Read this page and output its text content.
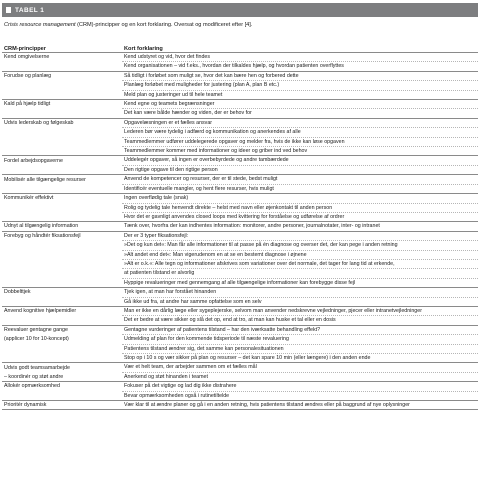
TABEL 1
Crisis resource management (CRM)-principper og en kort forklaring. Oversat og modificeret efter [4].
CRM-principper	Kort forklaring
Kend omgivelserne	Kend udstyret og vid, hvor det findes
	Kend organisationen – vid f.eks., hvordan der tilkaldes hjælp, og hvordan patienten overflyttes
Forudse og planlæg	Så tidligt i forløbet som muligt se, hvor det kan bære hen og forbered dette
	Planlæg forløbet med muligheder for justering (plan A, plan B etc.)
	Meld plan og justeringer ud til hele teamet
Kald på hjælp tidligt	Kend egne og teamets begrænsninger
	Det kan være bålde hænder og viden, der er behov for
Udvis lederskab og følgeskab	Opgavelæsningen er et fælles ansvar
	Lederen bør være tydelig i adfærd og kommunikation og anerkendes af alle
	Teammedlemmer udfører uddelegerede opgaver og melder fra, hvis de ikke kan løse opgaven
	Teammedlemmer kommer med informationer og ideer og griber ind ved behov
Fordel arbejdsopgaverne	Uddelegér opgaver, så ingen er overbebyrdede og andre tambærdede
	Den rigtige opgave til den rigtige person
Mobilisér alle tilgængelige resurser	Anvend de kompetencer og resurser, der er til stede, bedst muligt
	Identificér eventuelle mangler, og hent flere resurser, hvis muligt
Kommunikér effektivt	Ingen overflødig tale (snak)
	Rolig og tydelig tale henvendt direkte – helst med navn eller øjenkontakt til anden person
	Hvor det er gavnligt anvendes closed loops med kvittering for forståelse og udførelse af ordrer
Udnyt al tilgængelig information	Tænk over, hvorfra der kan indhentes information: monitorer, andre personer, journalnotater, inter- og intranet
Forebyg og håndtér fiksationsfejl	Der er 3 typer fiksationsfejl:
	»Det og kun det«: Man får alle informationer til at passe på én diagnose og overser det, der kan pege i anden retning
	»Alt andet end det«: Man vigerudenom en at se en bestemt diagnose i øjnene
	»Alt er o.k.«: Alle tegn og informationer afskrives som variationer over det normale, det tager for lang tid at erkende,
	at patienten tilstand er alvorlig
	Hyppige revalueringer med gennemgang af alle tilgængelige informationer kan forebygge disse fejl
Dobbelttjek	Tjek igen, at man har forstået hinanden
	Gå ikke ud fra, at andre har samme opfattelse som en selv
Anvend kognitive hjælpemidler	Man er ikke en dårlig læge eller sygeplejerske, selvom man anvender nedskrevne vejledninger, pjecer eller intranetvejledninger
	Det er bedre at være sikker og slå det op, end at tro, at man kan huske et tal eller en dosis
Reevaluer gentagne gange	Gentagne vurderinger af patientens tilstand – har den iværksatte behandling effekt?
(applicer 10 for 10-koncept)	Udmelding af plan for den kommende tidsperiode til næste revaluering
	Patientens tilstand ændrer sig, det samme kan personalesituationen
	Stop op i 10 s og vær sikker på plan og resurser – det kan spare 10 min (eller længere) i den anden ende
Udvis godt teamsamarbejde	Vær et helt team, der arbejder sammen om et fælles mål
– koordinér og støt andre	Anerkend og støt hinanden i teamet
Allokér opmærksomhed	Fokuser på det vigtige og lad dig ikke distrahere
	Bevar opmærksomheden også i rutinetiltelde
Prioritér dynamisk	Vær klar til at ændre planer og gå i en anden retning, hvis patientens tilstand ændres eller på baggrund af nye oplysninger
